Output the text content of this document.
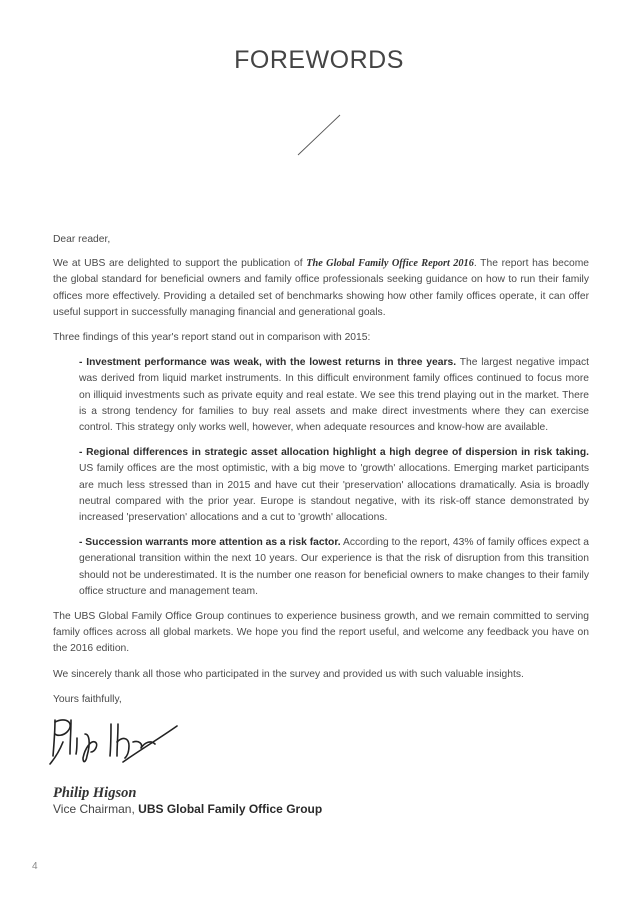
FOREWORDS

Dear reader,

We at UBS are delighted to support the publication of The Global Family Office Report 2016. The report has become the global standard for beneficial owners and family office professionals seeking guidance on how to run their family offices more effectively. Providing a detailed set of benchmarks showing how other family offices operate, it can offer useful support in successfully managing financial and generational goals.

Three findings of this year's report stand out in comparison with 2015:

- Investment performance was weak, with the lowest returns in three years. The largest negative impact was derived from liquid market instruments. In this difficult environment family offices continued to focus more on illiquid investments such as private equity and real estate. We see this trend playing out in the market. There is a strong tendency for families to buy real assets and make direct investments where they can exercise control. This strategy only works well, however, when adequate resources and know-how are available.
- Regional differences in strategic asset allocation highlight a high degree of dispersion in risk taking. US family offices are the most optimistic, with a big move to 'growth' allocations. Emerging market participants are much less stressed than in 2015 and have cut their 'preservation' allocations dramatically. Asia is broadly neutral compared with the prior year. Europe is standout negative, with its risk-off stance demonstrated by increased 'preservation' allocations and a cut to 'growth' allocations.
- Succession warrants more attention as a risk factor. According to the report, 43% of family offices expect a generational transition within the next 10 years. Our experience is that the risk of disruption from this transition should not be underestimated. It is the number one reason for beneficial owners to make changes to their family office structure and management team.

The UBS Global Family Office Group continues to experience business growth, and we remain committed to serving family offices across all global markets. We hope you find the report useful, and welcome any feedback you have on the 2016 edition.

We sincerely thank all those who participated in the survey and provided us with such valuable insights.

Yours faithfully,

Philip Higson
Vice Chairman, UBS Global Family Office Group
4
